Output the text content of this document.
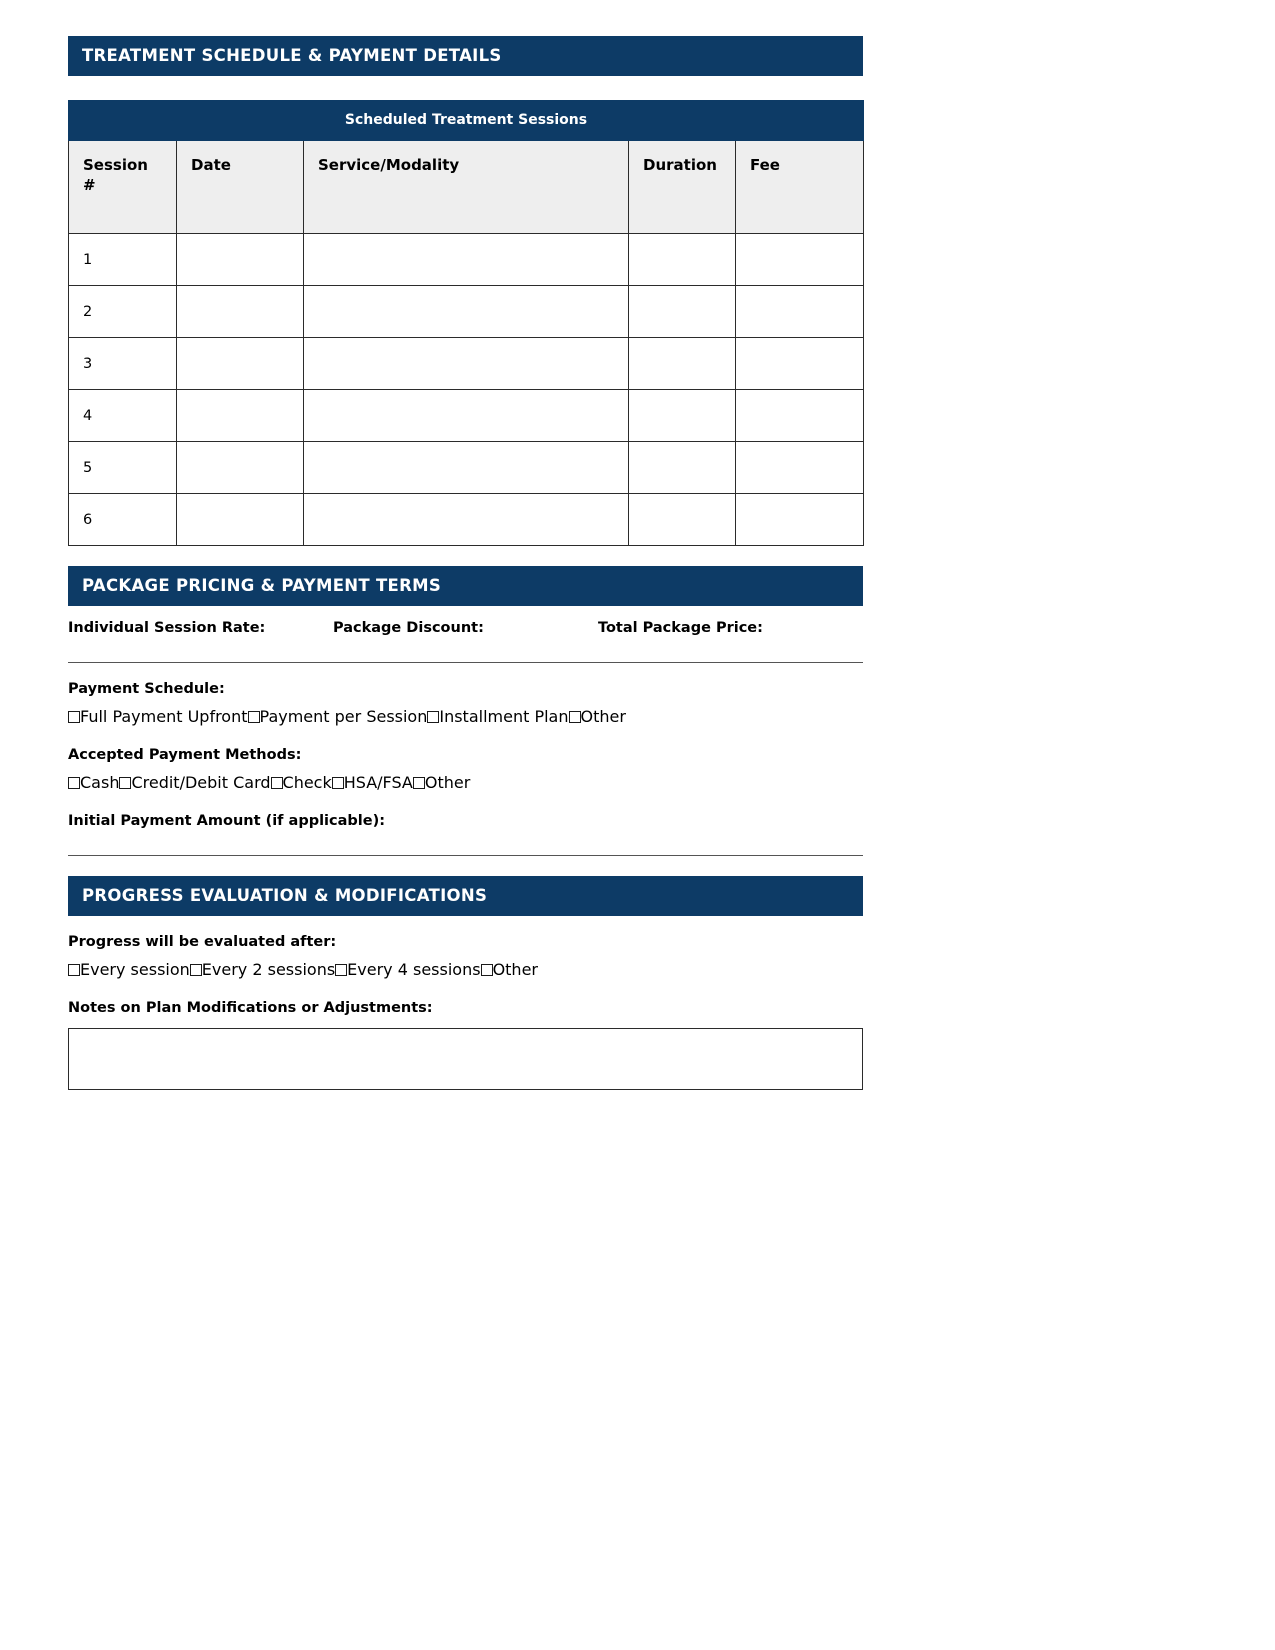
TREATMENT SCHEDULE & PAYMENT DETAILS
Scheduled Treatment Sessions				
Session #	Date	Service/Modality	Duration	Fee
1				
2				
3				
4				
5				
6				
PACKAGE PRICING & PAYMENT TERMS
Individual Session Rate:	Package Discount:	Total Package Price:
Payment Schedule:
Full Payment Upfront Payment per Session Installment Plan Other
Accepted Payment Methods:
Cash Credit/Debit Card Check HSA/FSA Other
Initial Payment Amount (if applicable):
PROGRESS EVALUATION & MODIFICATIONS
Progress will be evaluated after:
Every session Every 2 sessions Every 4 sessions Other
Notes on Plan Modifications or Adjustments:
